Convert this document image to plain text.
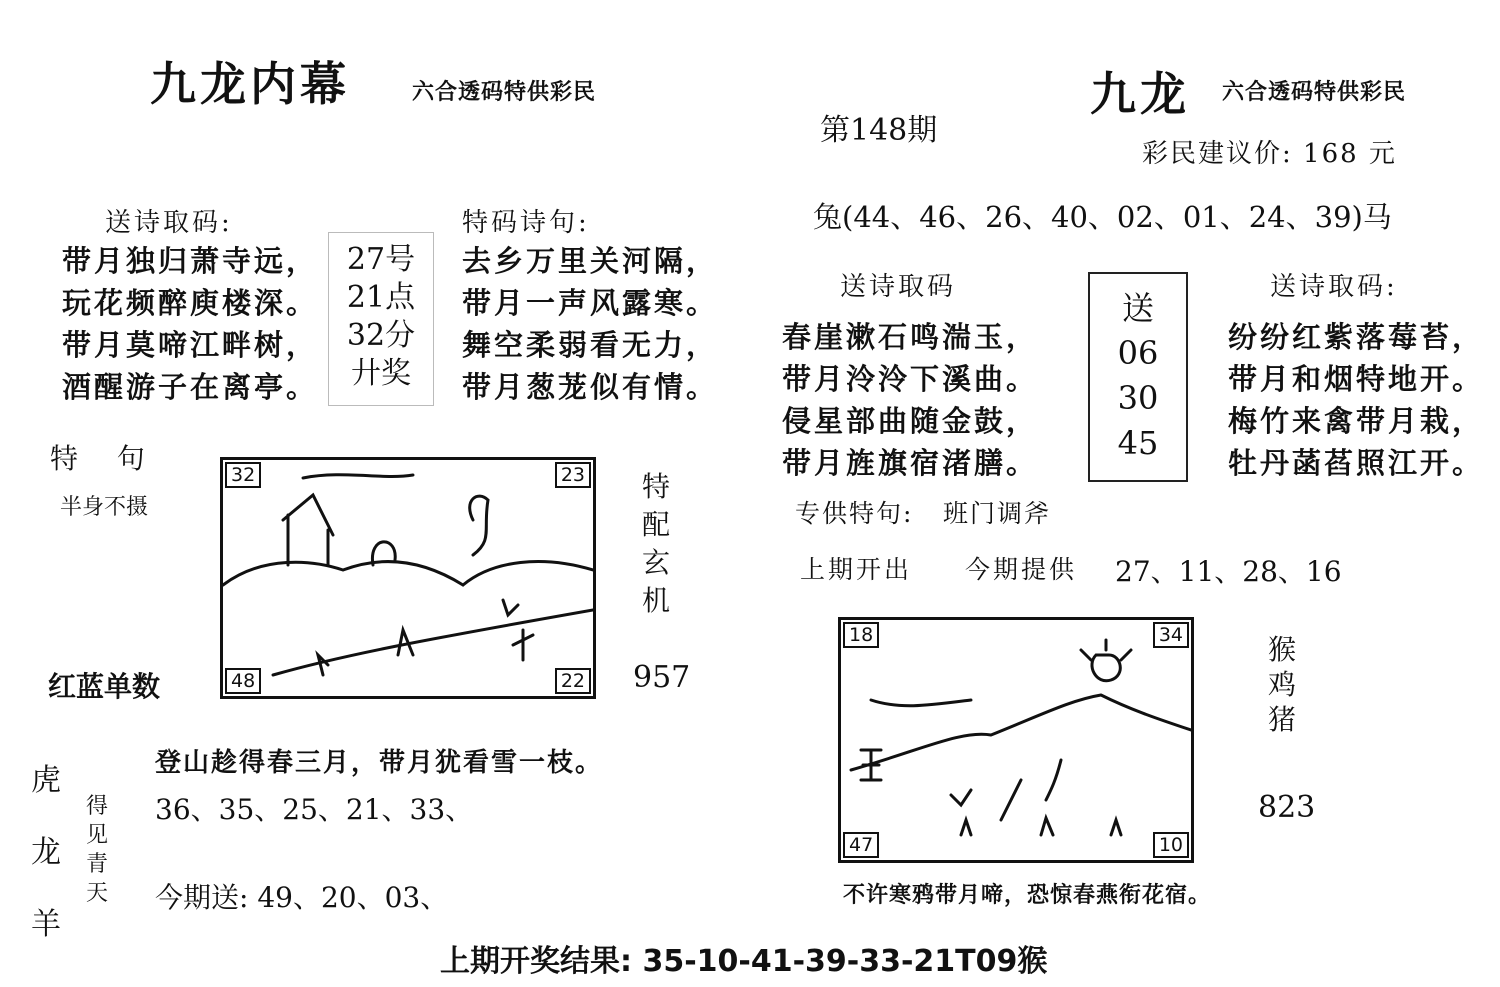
九龙内幕	六合透码特供彩民
送诗取码:
带月独归萧寺远，
玩花频醉庾楼深。
带月莫啼江畔树，
酒醒游子在离亭。
27号
21点
32分
廾奖
特码诗句:
去乡万里关河隔，
带月一声风露寒。
舞空柔弱看无力，
带月葱茏似有情。
特   句
半身不摄
32	23
48	22
特
配
玄
机
957
红蓝单数
虎
龙
羊
得
见
青
天
登山趁得春三月，带月犹看雪一枝。
36、35、25、21、33、
今期送: 49、20、03、
九龙 六合透码特供彩民
第148期
彩民建议价: 168 元
兔(44、46、26、40、02、01、24、39)马
送诗取码
春崖漱石鸣湍玉，
带月泠泠下溪曲。
侵星部曲随金鼓，
带月旌旗宿渚膳。
送
06
30
45
送诗取码:
纷纷红紫落莓苔，
带月和烟特地开。
梅竹来禽带月栽，
牡丹菡萏照江开。
专供特句: 班门调斧
上期开出 今期提供 27、11、28、16
18	34
47	10
猴
鸡
猪
823
不许寒鸦带月啼，恐惊春燕衔花宿。
上期开奖结果: 35-10-41-39-33-21T09猴
